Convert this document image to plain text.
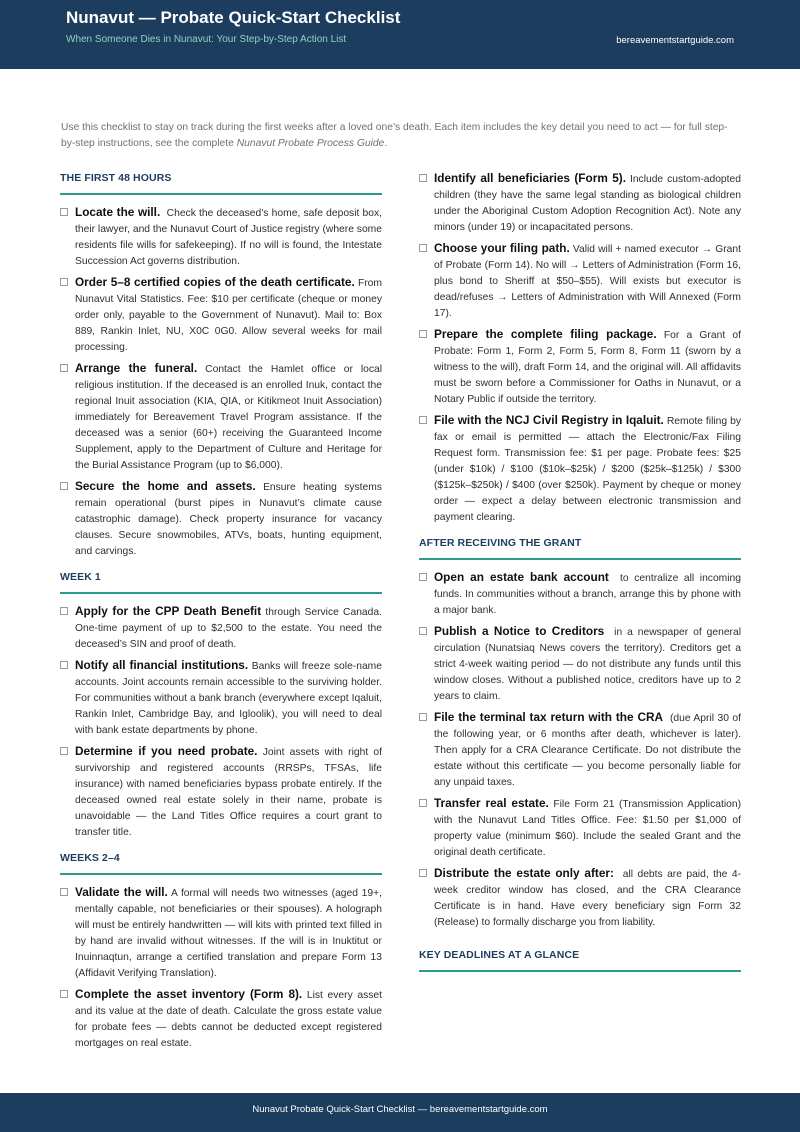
Nunavut — Probate Quick-Start Checklist
When Someone Dies in Nunavut: Your Step-by-Step Action List	bereavementstartguide.com
Use this checklist to stay on track during the first weeks after a loved one’s death. Each item includes the key detail you need to act — for full step-by-step instructions, see the complete Nunavut Probate Process Guide.
THE FIRST 48 HOURS
Locate the will. Check the deceased’s home, safe deposit box, their lawyer, and the Nunavut Court of Justice registry (where some residents file wills for safekeeping). If no will is found, the Intestate Succession Act governs distribution.
Order 5–8 certified copies of the death certificate. From Nunavut Vital Statistics. Fee: $10 per certificate (cheque or money order only, payable to the Government of Nunavut). Mail to: Box 889, Rankin Inlet, NU, X0C 0G0. Allow several weeks for mail processing.
Arrange the funeral. Contact the Hamlet office or local religious institution. If the deceased is an enrolled Inuk, contact the regional Inuit association (KIA, QIA, or Kitikmeot Inuit Association) immediately for Bereavement Travel Program assistance. If the deceased was a senior (60+) receiving the Guaranteed Income Supplement, apply to the Department of Culture and Heritage for the Burial Assistance Program (up to $6,000).
Secure the home and assets. Ensure heating systems remain operational (burst pipes in Nunavut’s climate cause catastrophic damage). Check property insurance for vacancy clauses. Secure snowmobiles, ATVs, boats, hunting equipment, and carvings.
WEEK 1
Apply for the CPP Death Benefit through Service Canada. One-time payment of up to $2,500 to the estate. You need the deceased’s SIN and proof of death.
Notify all financial institutions. Banks will freeze sole-name accounts. Joint accounts remain accessible to the surviving holder. For communities without a bank branch (everywhere except Iqaluit, Rankin Inlet, Cambridge Bay, and Igloolik), you will need to deal with bank estate departments by phone.
Determine if you need probate. Joint assets with right of survivorship and registered accounts (RRSPs, TFSAs, life insurance) with named beneficiaries bypass probate entirely. If the deceased owned real estate solely in their name, probate is unavoidable — the Land Titles Office requires a court grant to transfer title.
WEEKS 2–4
Validate the will. A formal will needs two witnesses (aged 19+, mentally capable, not beneficiaries or their spouses). A holograph will must be entirely handwritten — will kits with printed text filled in by hand are invalid without witnesses. If the will is in Inuktitut or Inuinnaqtun, arrange a certified translation and prepare Form 13 (Affidavit Verifying Translation).
Complete the asset inventory (Form 8). List every asset and its value at the date of death. Calculate the gross estate value for probate fees — debts cannot be deducted except registered mortgages on real estate.
Identify all beneficiaries (Form 5). Include custom-adopted children (they have the same legal standing as biological children under the Aboriginal Custom Adoption Recognition Act). Note any minors (under 19) or incapacitated persons.
Choose your filing path. Valid will + named executor → Grant of Probate (Form 14). No will → Letters of Administration (Form 16, plus bond to Sheriff at $50–$55). Will exists but executor is dead/refuses → Letters of Administration with Will Annexed (Form 17).
Prepare the complete filing package. For a Grant of Probate: Form 1, Form 2, Form 5, Form 8, Form 11 (sworn by a witness to the will), draft Form 14, and the original will. All affidavits must be sworn before a Commissioner for Oaths in Nunavut, or a Notary Public if outside the territory.
File with the NCJ Civil Registry in Iqaluit. Remote filing by fax or email is permitted — attach the Electronic/Fax Filing Request form. Transmission fee: $1 per page. Probate fees: $25 (under $10k) / $100 ($10k–$25k) / $200 ($25k–$125k) / $300 ($125k–$250k) / $400 (over $250k). Payment by cheque or money order — expect a delay between electronic transmission and payment clearing.
AFTER RECEIVING THE GRANT
Open an estate bank account to centralize all incoming funds. In communities without a branch, arrange this by phone with a major bank.
Publish a Notice to Creditors in a newspaper of general circulation (Nunatsiaq News covers the territory). Creditors get a strict 4-week waiting period — do not distribute any funds until this window closes. Without a published notice, creditors have up to 2 years to claim.
File the terminal tax return with the CRA (due April 30 of the following year, or 6 months after death, whichever is later). Then apply for a CRA Clearance Certificate. Do not distribute the estate without this certificate — you become personally liable for any unpaid taxes.
Transfer real estate. File Form 21 (Transmission Application) with the Nunavut Land Titles Office. Fee: $1.50 per $1,000 of property value (minimum $60). Include the sealed Grant and the original death certificate.
Distribute the estate only after: all debts are paid, the 4-week creditor window has closed, and the CRA Clearance Certificate is in hand. Have every beneficiary sign Form 32 (Release) to formally discharge you from liability.
KEY DEADLINES AT A GLANCE
Nunavut Probate Quick-Start Checklist — bereavementstartguide.com
